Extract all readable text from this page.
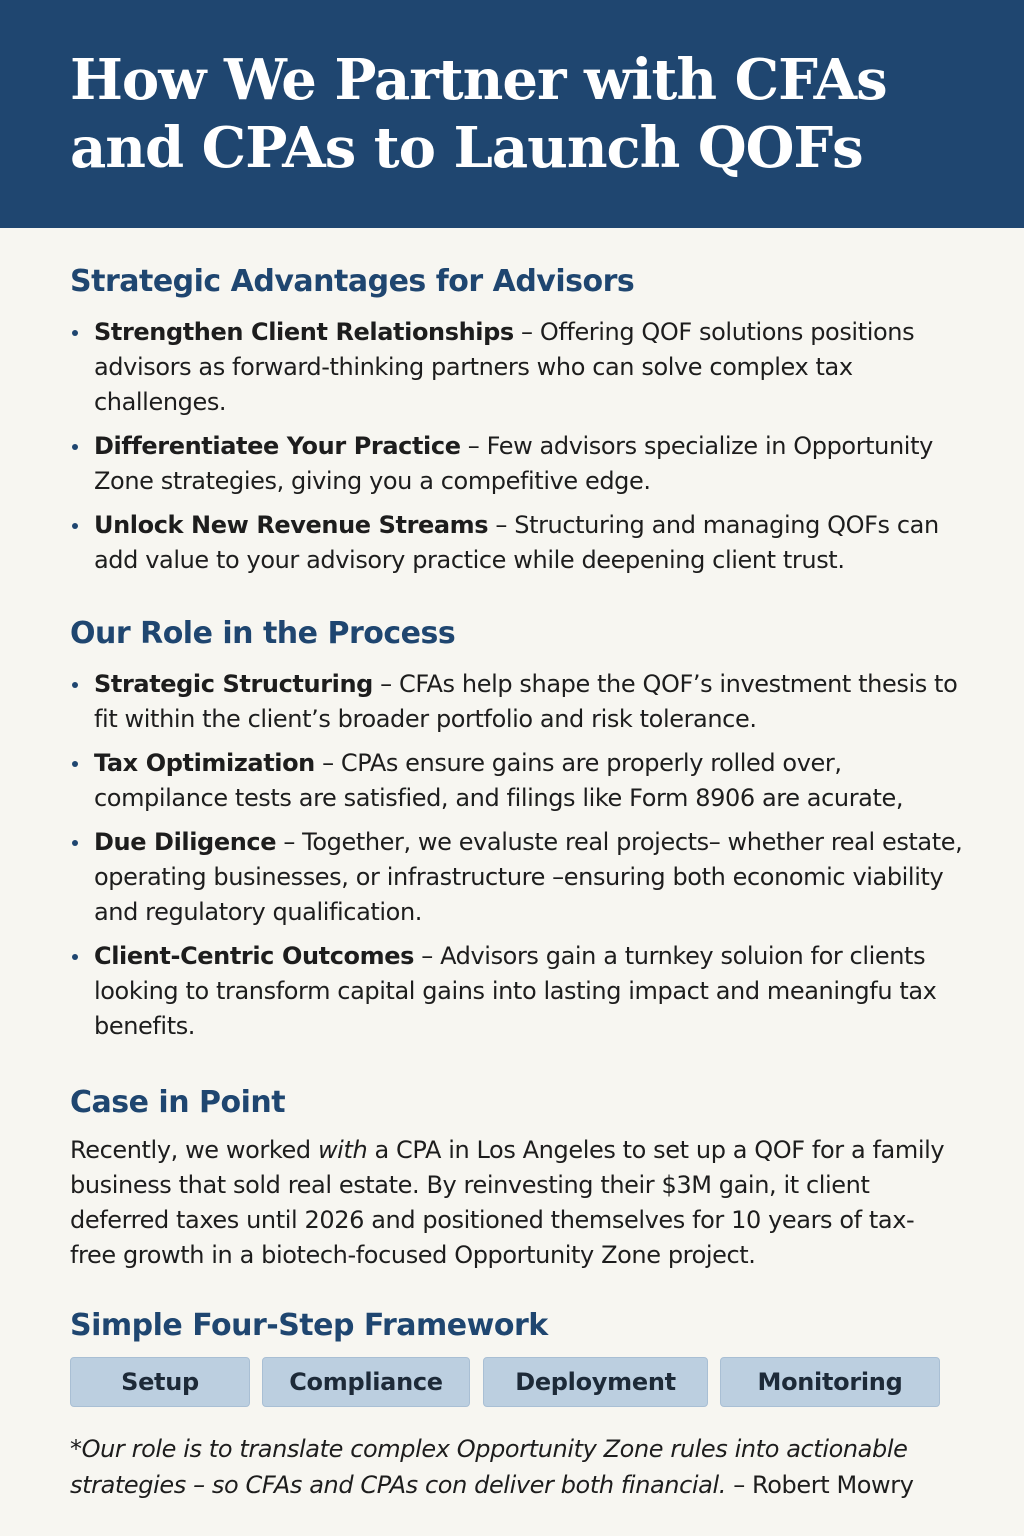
How We Partner with CFAs and CPAs to Launch QOFs
Strategic Advantages for Advisors
Strengthen Client Relationships – Offering QOF solutions positions advisors as forward-thinking partners who can solve complex tax challenges.
Differentiatee Your Practice – Few advisors specialize in Opportunity Zone strategies, giving you a compefitive edge.
Unlock New Revenue Streams – Structuring and managing QOFs can add value to your advisory practice while deepening client trust.
Our Role in the Process
Strategic Structuring – CFAs help shape the QOF’s investment thesis to fit within the client’s broader portfolio and risk tolerance.
Tax Optimization – CPAs ensure gains are properly rolled over, compilance tests are satisfied, and filings like Form 8906 are acurate,
Due Diligence – Together, we evaluste real projects– whether real estate, operating businesses, or infrastructure –ensuring both economic viability and regulatory qualification.
Client-Centric Outcomes – Advisors gain a turnkey soluion for clients looking to transform capital gains into lasting impact and meaningfu tax benefits.
Case in Point

Recently, we worked with a CPA in Los Angeles to set up a QOF for a family business that sold real estate. By reinvesting their $3M gain, it client deferred taxes until 2026 and positioned themselves for 10 years of tax-free growth in a biotech-focused Opportunity Zone project.

Simple Four-Step Framework
Setup	Compliance	Deployment	Monitoring

*Our role is to translate complex Opportunity Zone rules into actionable strategies – so CFAs and CPAs con deliver both financial. – Robert Mowry
